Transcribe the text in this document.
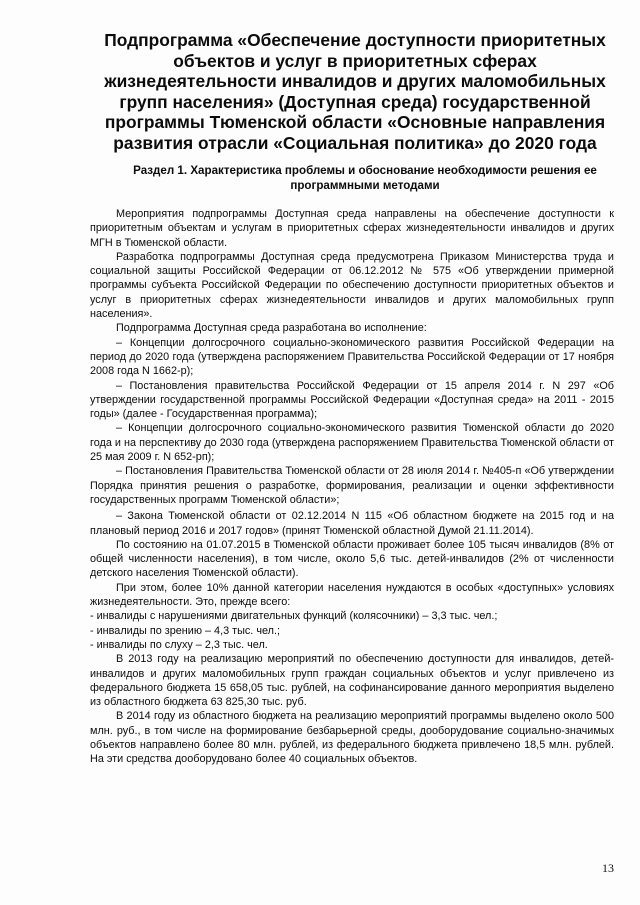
Подпрограмма «Обеспечение доступности приоритетных объектов и услуг в приоритетных сферах жизнедеятельности инвалидов и других маломобильных групп населения» (Доступная среда) государственной программы Тюменской области «Основные направления развития отрасли «Социальная политика» до 2020 года
Раздел 1. Характеристика проблемы и обоснование необходимости решения ее программными методами

Мероприятия подпрограммы Доступная среда направлены на обеспечение доступности к приоритетным объектам и услугам в приоритетных сферах жизнедеятельности инвалидов и других МГН в Тюменской области.

Разработка подпрограммы Доступная среда предусмотрена Приказом Министерства труда и социальной защиты Российской Федерации от 06.12.2012 № 575 «Об утверждении примерной программы субъекта Российской Федерации по обеспечению доступности приоритетных объектов и услуг в приоритетных сферах жизнедеятельности инвалидов и других маломобильных групп населения».

Подпрограмма Доступная среда разработана во исполнение:

– Концепции долгосрочного социально-экономического развития Российской Федерации на период до 2020 года (утверждена распоряжением Правительства Российской Федерации от 17 ноября 2008 года N 1662-р);

– Постановления правительства Российской Федерации от 15 апреля 2014 г. N 297 «Об утверждении государственной программы Российской Федерации «Доступная среда» на 2011 - 2015 годы» (далее - Государственная программа);

– Концепции долгосрочного социально-экономического развития Тюменской области до 2020 года и на перспективу до 2030 года (утверждена распоряжением Правительства Тюменской области от 25 мая 2009 г. N 652-рп);

– Постановления Правительства Тюменской области от 28 июля 2014 г. №405-п «Об утверждении Порядка принятия решения о разработке, формирования, реализации и оценки эффективности государственных программ Тюменской области»;

– Закона Тюменской области от 02.12.2014 N 115 «Об областном бюджете на 2015 год и на плановый период 2016 и 2017 годов» (принят Тюменской областной Думой 21.11.2014).

По состоянию на 01.07.2015 в Тюменской области проживает более 105 тысяч инвалидов (8% от общей численности населения), в том числе, около 5,6 тыс. детей-инвалидов (2% от численности детского населения Тюменской области).

При этом, более 10% данной категории населения нуждаются в особых «доступных» условиях жизнедеятельности. Это, прежде всего:

- инвалиды с нарушениями двигательных функций (колясочники) – 3,3 тыс. чел.;

- инвалиды по зрению – 4,3 тыс. чел.;

- инвалиды по слуху – 2,3 тыс. чел.

В 2013 году на реализацию мероприятий по обеспечению доступности для инвалидов, детей-инвалидов и других маломобильных групп граждан социальных объектов и услуг привлечено из федерального бюджета 15 658,05 тыс. рублей, на софинансирование данного мероприятия выделено из областного бюджета 63 825,30 тыс. руб.

В 2014 году из областного бюджета на реализацию мероприятий программы выделено около 500 млн. руб., в том числе на формирование безбарьерной среды, дооборудование социально-значимых объектов направлено более 80 млн. рублей, из федерального бюджета привлечено 18,5 млн. рублей. На эти средства дооборудовано более 40 социальных объектов.

13
